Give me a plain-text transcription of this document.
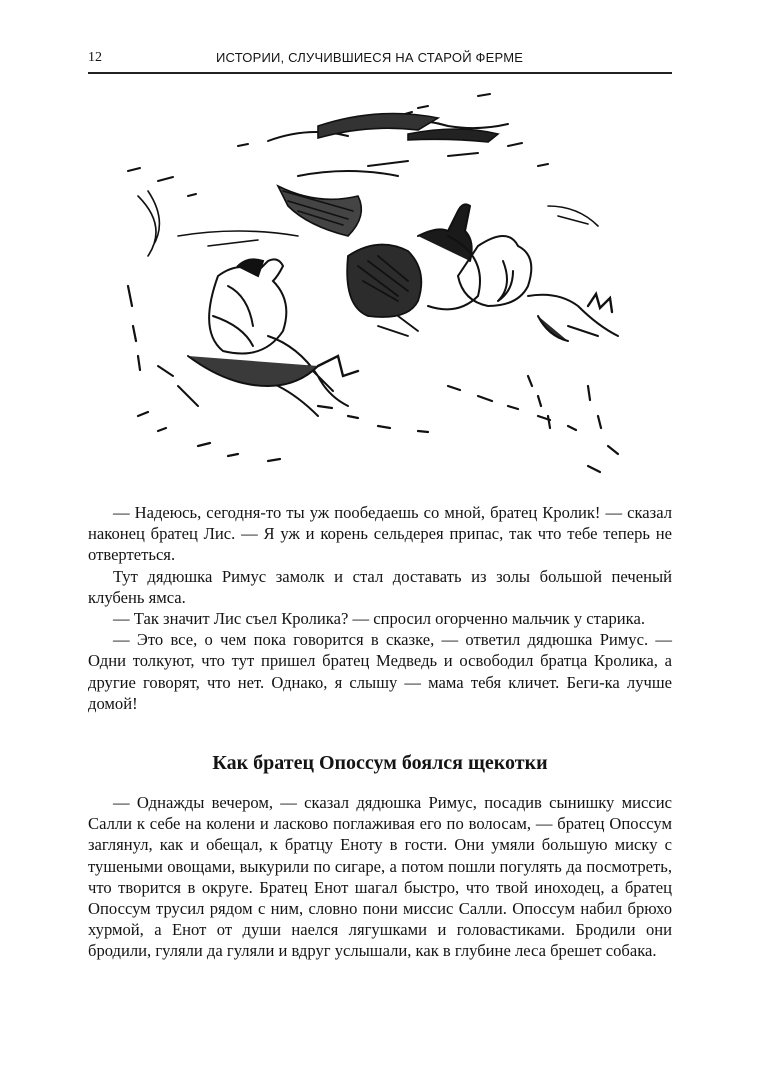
12	ИСТОРИИ, СЛУЧИВШИЕСЯ НА СТАРОЙ ФЕРМЕ

— Надеюсь, сегодня-то ты уж пообедаешь со мной, братец Кролик! — сказал наконец братец Лис. — Я уж и корень сельдерея припас, так что тебе теперь не отвертеться.

Тут дядюшка Римус замолк и стал доставать из золы большой печеный клубень ямса.

— Так значит Лис съел Кролика? — спросил огорченно мальчик у старика.

— Это все, о чем пока говорится в сказке, — ответил дядюшка Римус. — Одни толкуют, что тут пришел братец Медведь и освободил братца Кролика, а другие говорят, что нет. Однако, я слышу — мама тебя кличет. Беги-ка лучше домой!

Как братец Опоссум боялся щекотки

— Однажды вечером, — сказал дядюшка Римус, посадив сынишку миссис Салли к себе на колени и ласково поглаживая его по волосам, — братец Опоссум заглянул, как и обещал, к братцу Еноту в гости. Они умяли большую миску с тушеными овощами, выкурили по сигаре, а потом пошли погулять да посмотреть, что творится в округе. Братец Енот шагал быстро, что твой иноходец, а братец Опоссум трусил рядом с ним, словно пони миссис Салли. Опоссум набил брюхо хурмой, а Енот от души наелся лягушками и головастиками. Бродили они бродили, гуляли да гуляли и вдруг услышали, как в глубине леса брешет собака.
